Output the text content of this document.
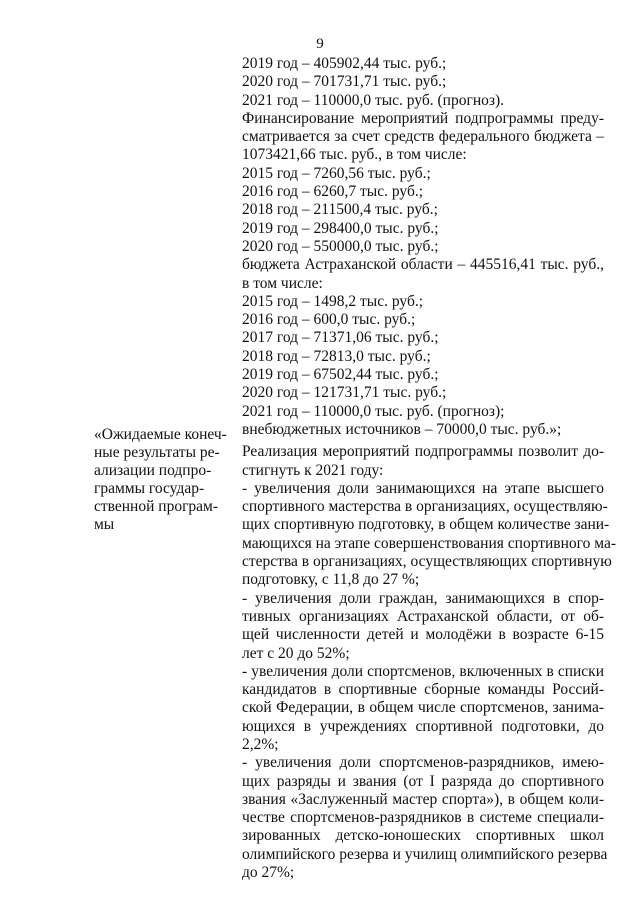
9
«Ожидаемые конеч-
ные результаты ре-
ализации подпро-
граммы государ-
ственной програм-
мы
2019 год – 405902,44 тыс. руб.;
2020 год – 701731,71 тыс. руб.;
2021 год – 110000,0 тыс. руб. (прогноз).
Финансирование мероприятий подпрограммы преду-
сматривается за счет средств федерального бюджета –
1073421,66 тыс. руб., в том числе:
2015 год – 7260,56 тыс. руб.;
2016 год – 6260,7 тыс. руб.;
2018 год – 211500,4 тыс. руб.;
2019 год – 298400,0 тыс. руб.;
2020 год – 550000,0 тыс. руб.;
бюджета Астраханской области – 445516,41 тыс. руб.,
в том числе:
2015 год – 1498,2 тыс. руб.;
2016 год – 600,0 тыс. руб.;
2017 год – 71371,06 тыс. руб.;
2018 год – 72813,0 тыс. руб.;
2019 год – 67502,44 тыс. руб.;
2020 год – 121731,71 тыс. руб.;
2021 год – 110000,0 тыс. руб. (прогноз);
внебюджетных источников – 70000,0 тыс. руб.»;
Реализация мероприятий подпрограммы позволит до-
стигнуть к 2021 году:
- увеличения доли занимающихся на этапе высшего
спортивного мастерства в организациях, осуществляю-
щих спортивную подготовку, в общем количестве зани-
мающихся на этапе совершенствования спортивного ма-
стерства в организациях, осуществляющих спортивную
подготовку, с 11,8 до 27 %;
- увеличения доли граждан, занимающихся в спор-
тивных организациях Астраханской области, от об-
щей численности детей и молодёжи в возрасте 6-15
лет с 20 до 52%;
- увеличения доли спортсменов, включенных в списки
кандидатов в спортивные сборные команды Россий-
ской Федерации, в общем числе спортсменов, занима-
ющихся в учреждениях спортивной подготовки, до
2,2%;
- увеличения доли спортсменов-разрядников, имею-
щих разряды и звания (от I разряда до спортивного
звания «Заслуженный мастер спорта»), в общем коли-
честве спортсменов-разрядников в системе специали-
зированных детско-юношеских спортивных школ
олимпийского резерва и училищ олимпийского резерва
до 27%;
